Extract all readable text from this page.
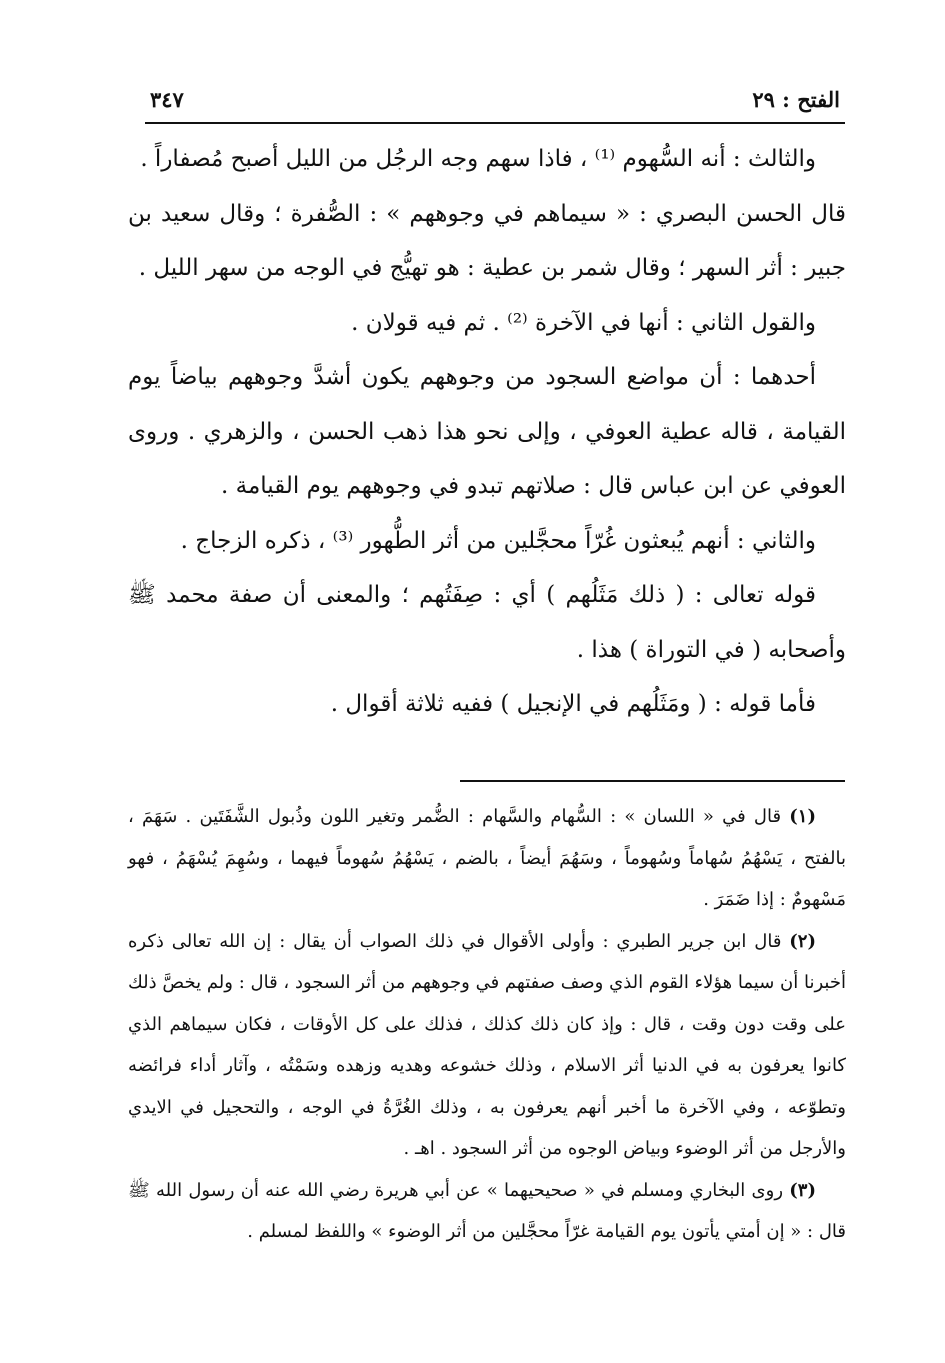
الفتح : ٢٩
٣٤٧

والثالث : أنه السُّهوم ⁽¹⁾ ، فاذا سهم وجه الرجُل من الليل أصبح مُصفاراً .

قال الحسن البصري : « سيماهم في وجوههم » : الصُّفرة ؛ وقال سعيد بن جبير : أثر السهر ؛ وقال شمر بن عطية : هو تهيُّج في الوجه من سهر الليل .

والقول الثاني : أنها في الآخرة ⁽²⁾ . ثم فيه قولان .

أحدهما : أن مواضع السجود من وجوههم يكون أشدَّ وجوههم بياضاً يوم القيامة ، قاله عطية العوفي ، وإلى نحو هذا ذهب الحسن ، والزهري . وروى العوفي عن ابن عباس قال : صلاتهم تبدو في وجوههم يوم القيامة .

والثاني : أنهم يُبعثون غُرّاً محجَّلين من أثر الطُّهور ⁽³⁾ ، ذكره الزجاج .

قوله تعالى : ( ذلك مَثَلُهم ) أي : صِفَتُهم ؛ والمعنى أن صفة محمد ﷺ وأصحابه ( في التوراة ) هذا .

فأما قوله : ( ومَثَلُهم في الإنجيل ) ففيه ثلاثة أقوال .

(١) قال في « اللسان » : السُّهام والسَّهام : الضُّمر وتغير اللون وذُبول الشَّفَتَين . سَهَمَ ، بالفتح ، يَسْهُمُ سُهاماً وسُهوماً ، وسَهُمَ أيضاً ، بالضم ، يَسْهُمُ سُهوماً فيهما ، وسُهِمَ يُسْهَمُ ، فهو مَسْهومٌ : إذا ضَمَرَ .

(٢) قال ابن جرير الطبري : وأولى الأقوال في ذلك الصواب أن يقال : إن الله تعالى ذكره أخبرنا أن سيما هؤلاء القوم الذي وصف صفتهم في وجوههم من أثر السجود ، قال : ولم يخصَّ ذلك على وقت دون وقت ، قال : وإذ كان ذلك كذلك ، فذلك على كل الأوقات ، فكان سيماهم الذي كانوا يعرفون به في الدنيا أثر الاسلام ، وذلك خشوعه وهديه وزهده وسَمْتُه ، وآثار أداء فرائضه وتطوّعه ، وفي الآخرة ما أخبر أنهم يعرفون به ، وذلك الغُرَّةُ في الوجه ، والتحجيل في الايدي والأرجل من أثر الوضوء وبياض الوجوه من أثر السجود . اهـ .

(٣) روى البخاري ومسلم في « صحيحيهما » عن أبي هريرة رضي الله عنه أن رسول الله ﷺ قال : « إن أمتي يأتون يوم القيامة غرّاً محجَّلين من أثر الوضوء » واللفظ لمسلم .
